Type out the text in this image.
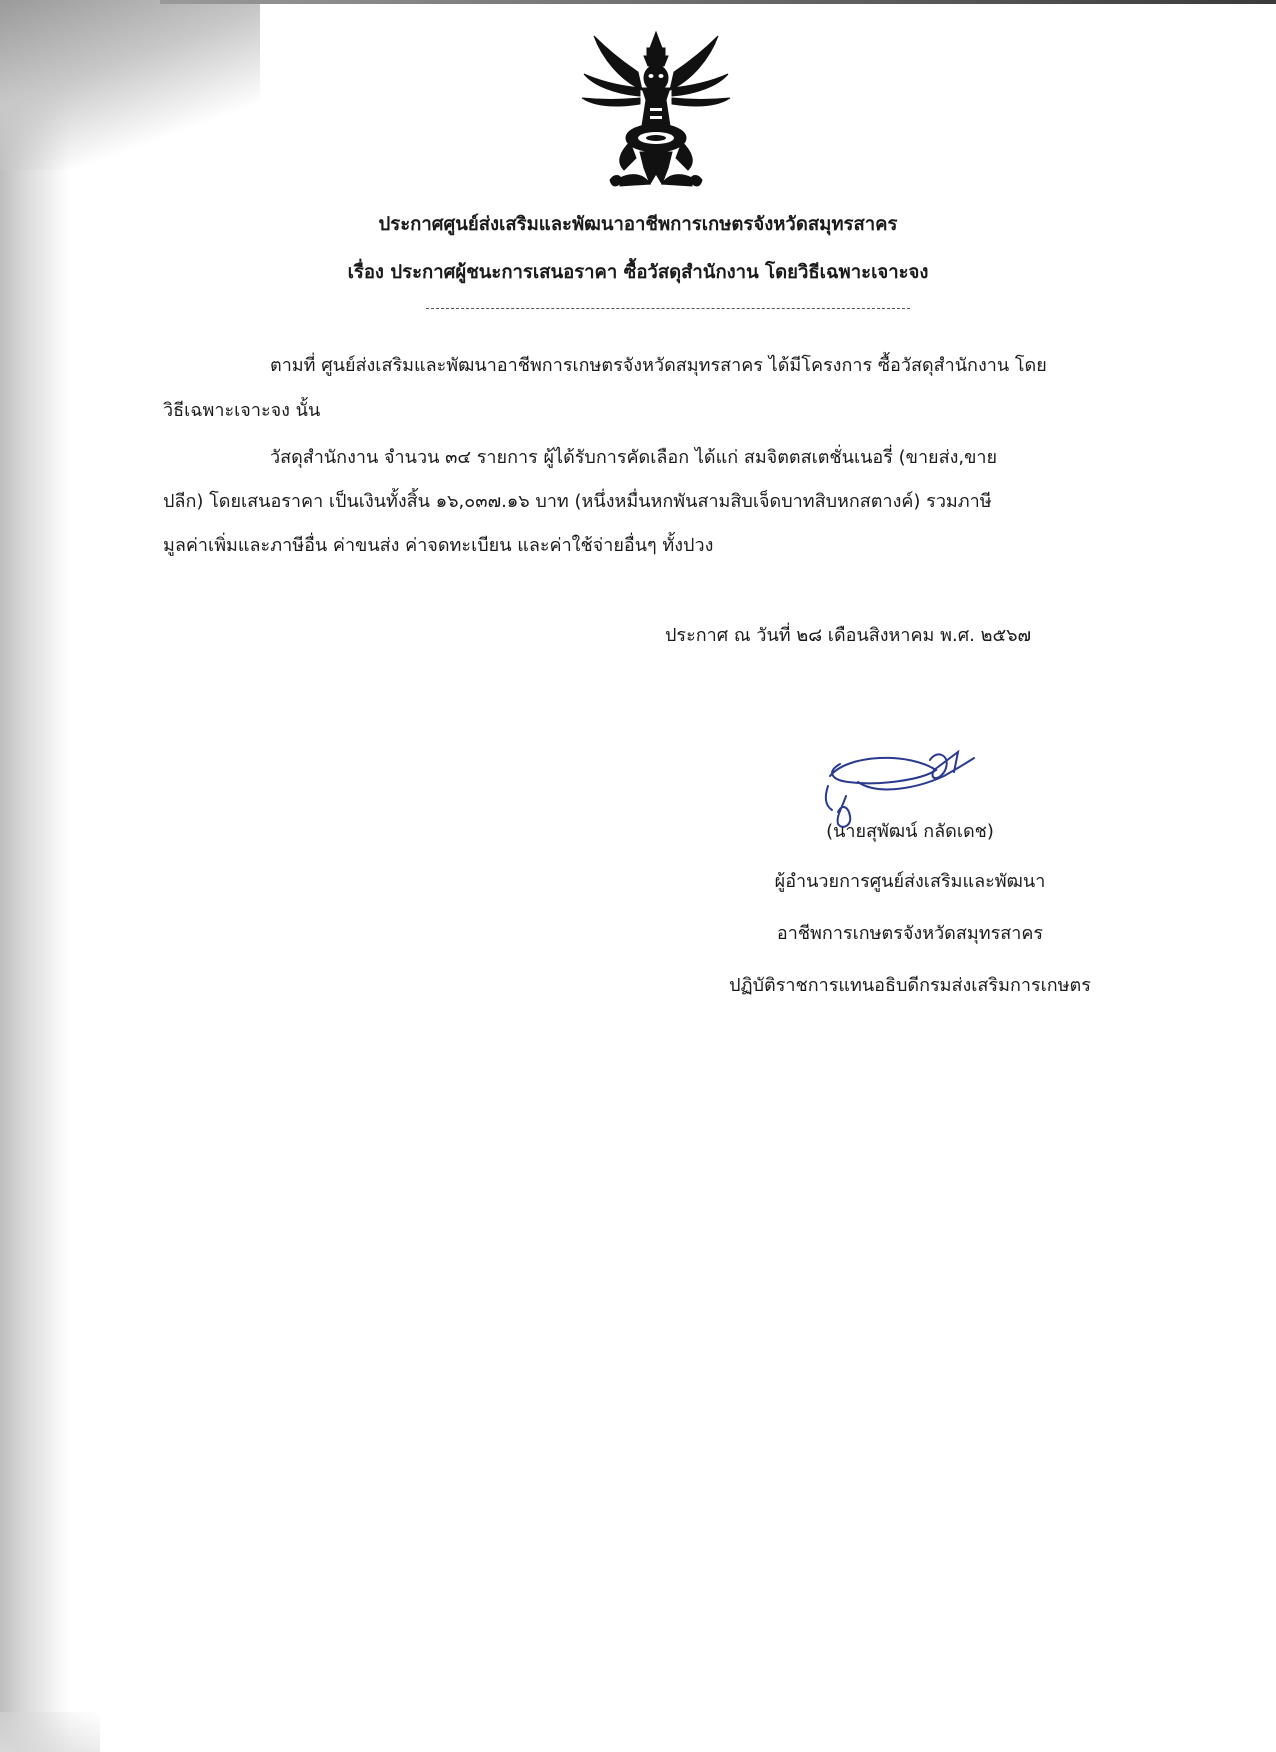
ประกาศศูนย์ส่งเสริมและพัฒนาอาชีพการเกษตรจังหวัดสมุทรสาคร
เรื่อง ประกาศผู้ชนะการเสนอราคา ซื้อวัสดุสำนักงาน โดยวิธีเฉพาะเจาะจง
ตามที่ ศูนย์ส่งเสริมและพัฒนาอาชีพการเกษตรจังหวัดสมุทรสาคร ได้มีโครงการ ซื้อวัสดุสำนักงาน โดย
วิธีเฉพาะเจาะจง นั้น
วัสดุสำนักงาน จำนวน ๓๔ รายการ ผู้ได้รับการคัดเลือก ได้แก่ สมจิตตสเตชั่นเนอรี่ (ขายส่ง,ขาย
ปลีก) โดยเสนอราคา เป็นเงินทั้งสิ้น ๑๖,๐๓๗.๑๖ บาท (หนึ่งหมื่นหกพันสามสิบเจ็ดบาทสิบหกสตางค์) รวมภาษี
มูลค่าเพิ่มและภาษีอื่น ค่าขนส่ง ค่าจดทะเบียน และค่าใช้จ่ายอื่นๆ ทั้งปวง
ประกาศ ณ วันที่ ๒๘ เดือนสิงหาคม พ.ศ. ๒๕๖๗
(นายสุพัฒน์ กลัดเดช)
ผู้อำนวยการศูนย์ส่งเสริมและพัฒนา
อาชีพการเกษตรจังหวัดสมุทรสาคร
ปฏิบัติราชการแทนอธิบดีกรมส่งเสริมการเกษตร
